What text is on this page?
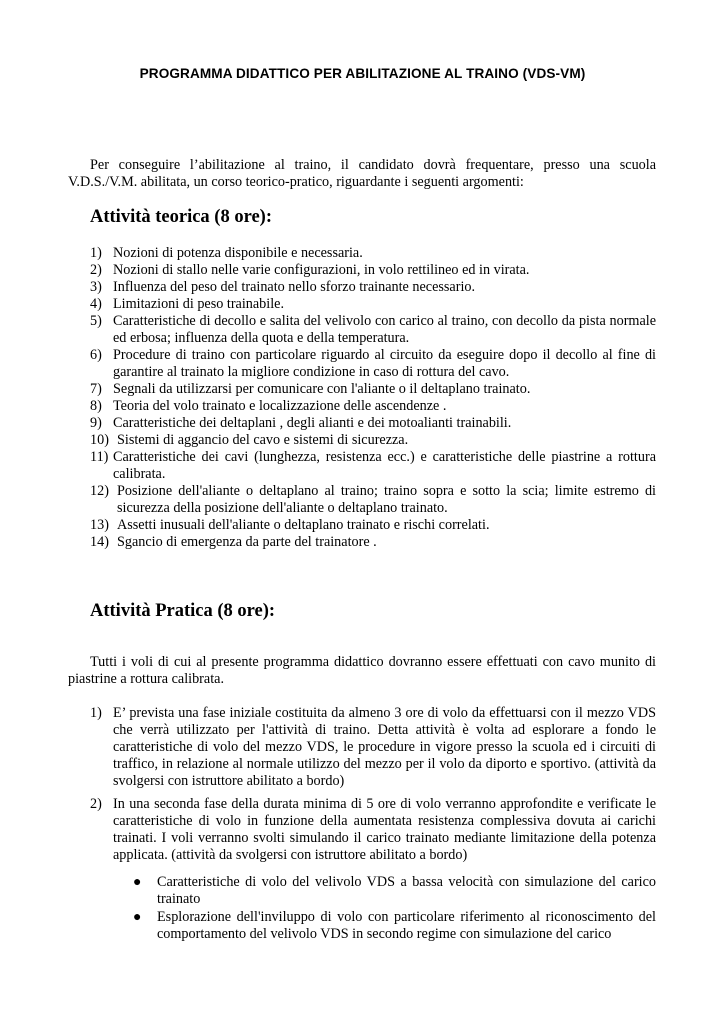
PROGRAMMA DIDATTICO PER ABILITAZIONE AL TRAINO (VDS-VM)

Per conseguire l’abilitazione al traino, il candidato dovrà frequentare, presso una scuola V.D.S./V.M. abilitata, un corso teorico-pratico, riguardante i seguenti argomenti:

Attività teorica (8 ore):
1) Nozioni di potenza disponibile e necessaria.
2) Nozioni di stallo nelle varie configurazioni, in volo rettilineo ed in virata.
3) Influenza del peso del trainato nello sforzo trainante necessario.
4) Limitazioni di peso trainabile.
5) Caratteristiche di decollo e salita del velivolo con carico al traino, con decollo da pista normale ed erbosa; influenza della quota e della temperatura.
6) Procedure di traino con particolare riguardo al circuito da eseguire dopo il decollo al fine di garantire al trainato la migliore condizione in caso di rottura del cavo.
7) Segnali da utilizzarsi per comunicare con l'aliante o il deltaplano trainato.
8) Teoria del volo trainato e localizzazione delle ascendenze .
9) Caratteristiche dei deltaplani , degli alianti e dei motoalianti trainabili.
10) Sistemi di aggancio del cavo e sistemi di sicurezza.
11) Caratteristiche dei cavi (lunghezza, resistenza ecc.) e caratteristiche delle piastrine a rottura calibrata.
12) Posizione dell'aliante o deltaplano al traino; traino sopra e sotto la scia; limite estremo di sicurezza della posizione dell'aliante o deltaplano trainato.
13) Assetti inusuali dell'aliante o deltaplano trainato e rischi correlati.
14) Sgancio di emergenza da parte del trainatore .
Attività Pratica (8 ore):

Tutti i voli di cui al presente programma didattico dovranno essere effettuati con cavo munito di piastrine a rottura calibrata.

1) E’ prevista una fase iniziale costituita da almeno 3 ore di volo da effettuarsi con il mezzo VDS che verrà utilizzato per l'attività di traino. Detta attività è volta ad esplorare a fondo le caratteristiche di volo del mezzo VDS, le procedure in vigore presso la scuola ed i circuiti di traffico, in relazione al normale utilizzo del mezzo per il volo da diporto e sportivo. (attività da svolgersi con istruttore abilitato a bordo)
2) In una seconda fase della durata minima di 5 ore di volo verranno approfondite e verificate le caratteristiche di volo in funzione della aumentata resistenza complessiva dovuta ai carichi trainati. I voli verranno svolti simulando il carico trainato mediante limitazione della potenza applicata. (attività da svolgersi con istruttore abilitato a bordo)
● Caratteristiche di volo del velivolo VDS a bassa velocità con simulazione del carico trainato
● Esplorazione dell'inviluppo di volo con particolare riferimento al riconoscimento del comportamento del velivolo VDS in secondo regime con simulazione del carico
